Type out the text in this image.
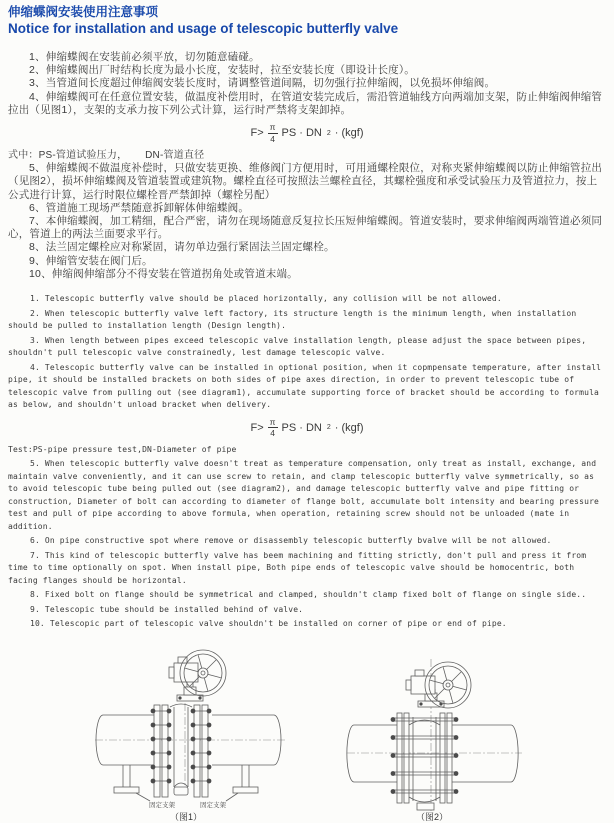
伸缩蝶阀安装使用注意事项
Notice for installation and usage of telescopic butterfly valve

1、伸缩蝶阀在安装前必须平放，切勿随意磕碰。

2、伸缩蝶阀出厂时结构长度为最小长度，安装时，拉至安装长度（即设计长度）。

3、当管道间长度超过伸缩阀安装长度时，请调整管道间隔，切勿强行拉伸缩阀，以免损坏伸缩阀。

4、伸缩蝶阀可在任意位置安装，做温度补偿用时，在管道安装完成后，需沿管道轴线方向两端加支架，防止伸缩阀伸缩管拉出（见图1），支架的支承力按下列公式计算，运行时严禁将支架卸掉。

$F> \frac{\pi}{4}$ PS · DN 2 · (kgf)

式中：PS-管道试验压力，      DN-管道直径

5、伸缩蝶阀不做温度补偿时，只做安装更换、维修阀门方便用时，可用通螺栓限位，对称夹紧伸缩蝶阀以防止伸缩管拉出（见图2），损坏伸缩蝶阀及管道装置或建筑物。螺栓直径可按照法兰螺栓直径，其螺栓强度和承受试验压力及管道拉力，按上公式进行计算，运行时限位螺栓晋严禁卸掉（螺栓另配）

6、管道施工现场严禁随意拆卸解体伸缩蝶阀。

7、本伸缩蝶阀，加工精细，配合严密，请勿在现场随意反复拉长压短伸缩蝶阀。管道安装时，要求伸缩阀两端管道必须同心，管道上的两法兰面要求平行。

8、法兰固定螺栓应对称紧固，请勿单边强行紧固法兰固定螺栓。

9、伸缩管安装在阀门后。

10、伸缩阀伸缩部分不得安装在管道拐角处或管道末端。

1. Telescopic butterfly valve should be placed horizontally, any collision will be not allowed.

2. When telescopic butterfly valve left factory, its structure length is the minimum length, when installation should be pulled to installation length (Design length).

3. When length between pipes exceed telescopic valve installation length, please adjust the space between pipes, shouldn't pull telescopic valve constrainedly, lest damage telescopic valve.

4. Telescopic butterfly valve can be installed in optional position, when it copmpensate temperature, after install pipe, it should be installed brackets on both sides of pipe axes direction, in order to prevent telescopic tube of telescopic valve from pulling out (see diagram1), accumulate supporting force of bracket should be according to formula as below, and shouldn't unload bracket when delivery.

$F> \frac{\pi}{4}$ PS · DN 2 · (kgf)

Test:PS-pipe pressure test,DN-Diameter of pipe

5. When telescopic butterfly valve doesn't treat as temperature compensation, only treat as install, exchange, and maintain valve conveniently, and it can use screw to retain, and clamp telescopic butterfly valve symmetrically, so as to avoid telescopic tube being pulled out (see diagram2), and damage telescopic butterfly valve and pipe fitting or construction, Diameter of bolt can according to diameter of flange bolt, accumulate bolt intensity and bearing pressure test and pull of pipe according to above formula, when operation, retaining screw should not be unloaded (mate in addition.

6. On pipe constructive spot where remove or disassembly telescopic butterfly bvalve will be not allowed.

7. This kind of telescopic butterfly valve has beem machining and fitting strictly, don't pull and press it from time to time optionally on spot. When install pipe, Both pipe ends of telescopic valve should be homocentric, both facing flanges should be horizontal.

8. Fixed bolt on flange should be symmetrical and clamped, shouldn't clamp fixed bolt of flange on single side..

9. Telescopic tube should be installed behind of valve.

10. Telescopic part of telescopic valve shouldn't be installed on corner of pipe or end of pipe.

固定支架	固定支架
（图1）	（图2）
